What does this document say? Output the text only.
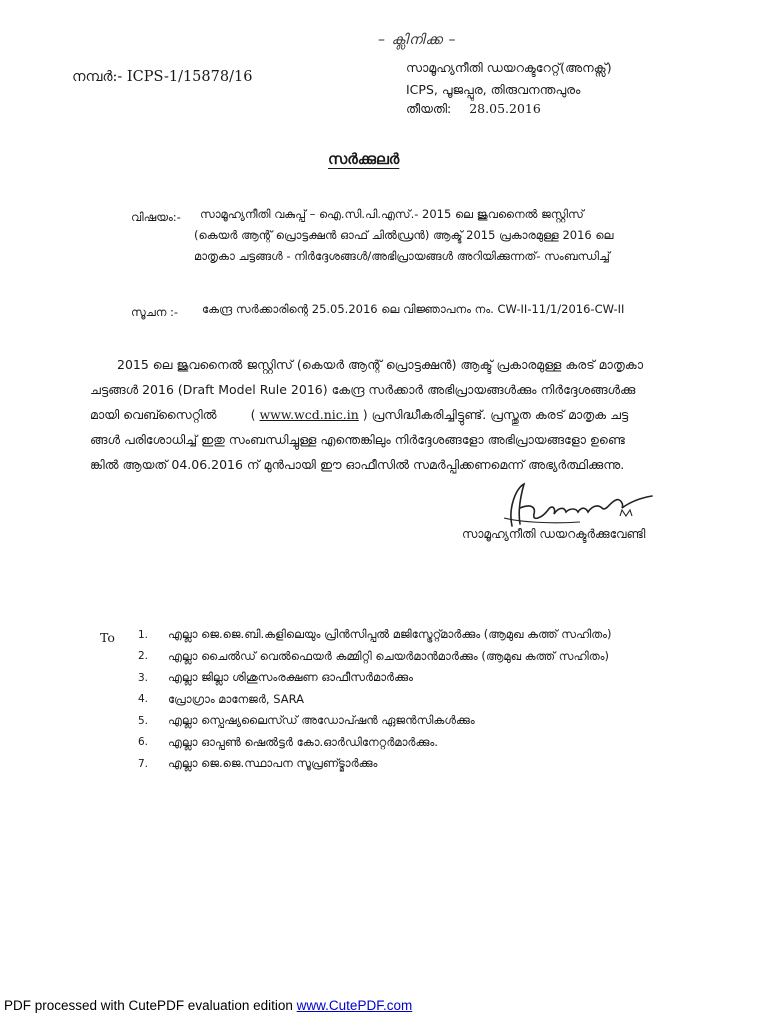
– ക്ലിനിക്ക –
നമ്പർ:- ICPS-1/15878/16
സാമൂഹ്യനീതി ഡയറക്ടറേറ്റ്(അനക്സ്)
ICPS, പൂജപ്പുര, തിരുവനന്തപുരം
തീയതി: 28.05.2016
സർക്കുലർ
വിഷയം:- സാമൂഹ്യനീതി വകുപ്പ് – ഐ.സി.പി.എസ്.- 2015 ലെ ജുവനൈൽ ജസ്റ്റിസ്
(കെയർ ആന്റ് പ്രൊട്ടക്ഷൻ ഓഫ് ചിൽഡ്രൻ) ആക്ട് 2015 പ്രകാരമുള്ള 2016 ലെ
മാതൃകാ ചട്ടങ്ങൾ - നിർദ്ദേശങ്ങൾ/അഭിപ്രായങ്ങൾ അറിയിക്കുന്നത്- സംബന്ധിച്ച്
സൂചന :- കേന്ദ്ര സർക്കാരിന്റെ 25.05.2016 ലെ വിജ്ഞാപനം നം. CW-II-11/1/2016-CW-II
2015 ലെ ജുവനൈൽ ജസ്റ്റിസ് (കെയർ ആന്റ് പ്രൊട്ടക്ഷൻ) ആക്ട് പ്രകാരമുള്ള കരട് മാതൃകാ
ചട്ടങ്ങൾ 2016 (Draft Model Rule 2016) കേന്ദ്ര സർക്കാർ അഭിപ്രായങ്ങൾക്കും നിർദ്ദേശങ്ങൾക്കു
മായി വെബ്സൈറ്റിൽ	( www.wcd.nic.in ) പ്രസിദ്ധീകരിച്ചിട്ടുണ്ട്. പ്രസ്തുത കരട് മാതൃക ചട്ട
ങ്ങൾ പരിശോധിച്ച് ഇതു സംബന്ധിച്ചുള്ള എന്തെങ്കിലും നിർദ്ദേശങ്ങളോ അഭിപ്രായങ്ങളോ ഉണ്ടെ
ങ്കിൽ ആയത് 04.06.2016 ന് മുൻപായി ഈ ഓഫീസിൽ സമർപ്പിക്കണമെന്ന് അഭ്യർത്ഥിക്കുന്നു.
സാമൂഹ്യനീതി ഡയറക്ടർക്കുവേണ്ടി
To 1.	എല്ലാ ജെ.ജെ.ബി.കളിലെയും പ്രിൻസിപ്പൽ മജിസ്ട്രേറ്റ്മാർക്കും (ആമുഖ കത്ത് സഹിതം)
2.	എല്ലാ ചൈൽഡ് വെൽഫെയർ കമ്മിറ്റി ചെയർമാൻമാർക്കും (ആമുഖ കത്ത് സഹിതം)
3.	എല്ലാ ജില്ലാ ശിശുസംരക്ഷണ ഓഫീസർമാർക്കും
4.	പ്രോഗ്രാം മാനേജർ, SARA
5.	എല്ലാ സ്പെഷ്യലൈസ്ഡ് അഡോപ്ഷൻ ഏജൻസികൾക്കും
6.	എല്ലാ ഓപ്പൺ ഷെൽട്ടർ കോ.ഓർഡിനേറ്റർമാർക്കും.
7.	എല്ലാ ജെ.ജെ.സ്ഥാപന സൂപ്രണ്ട്മാർക്കും
PDF processed with CutePDF evaluation edition www.CutePDF.com
